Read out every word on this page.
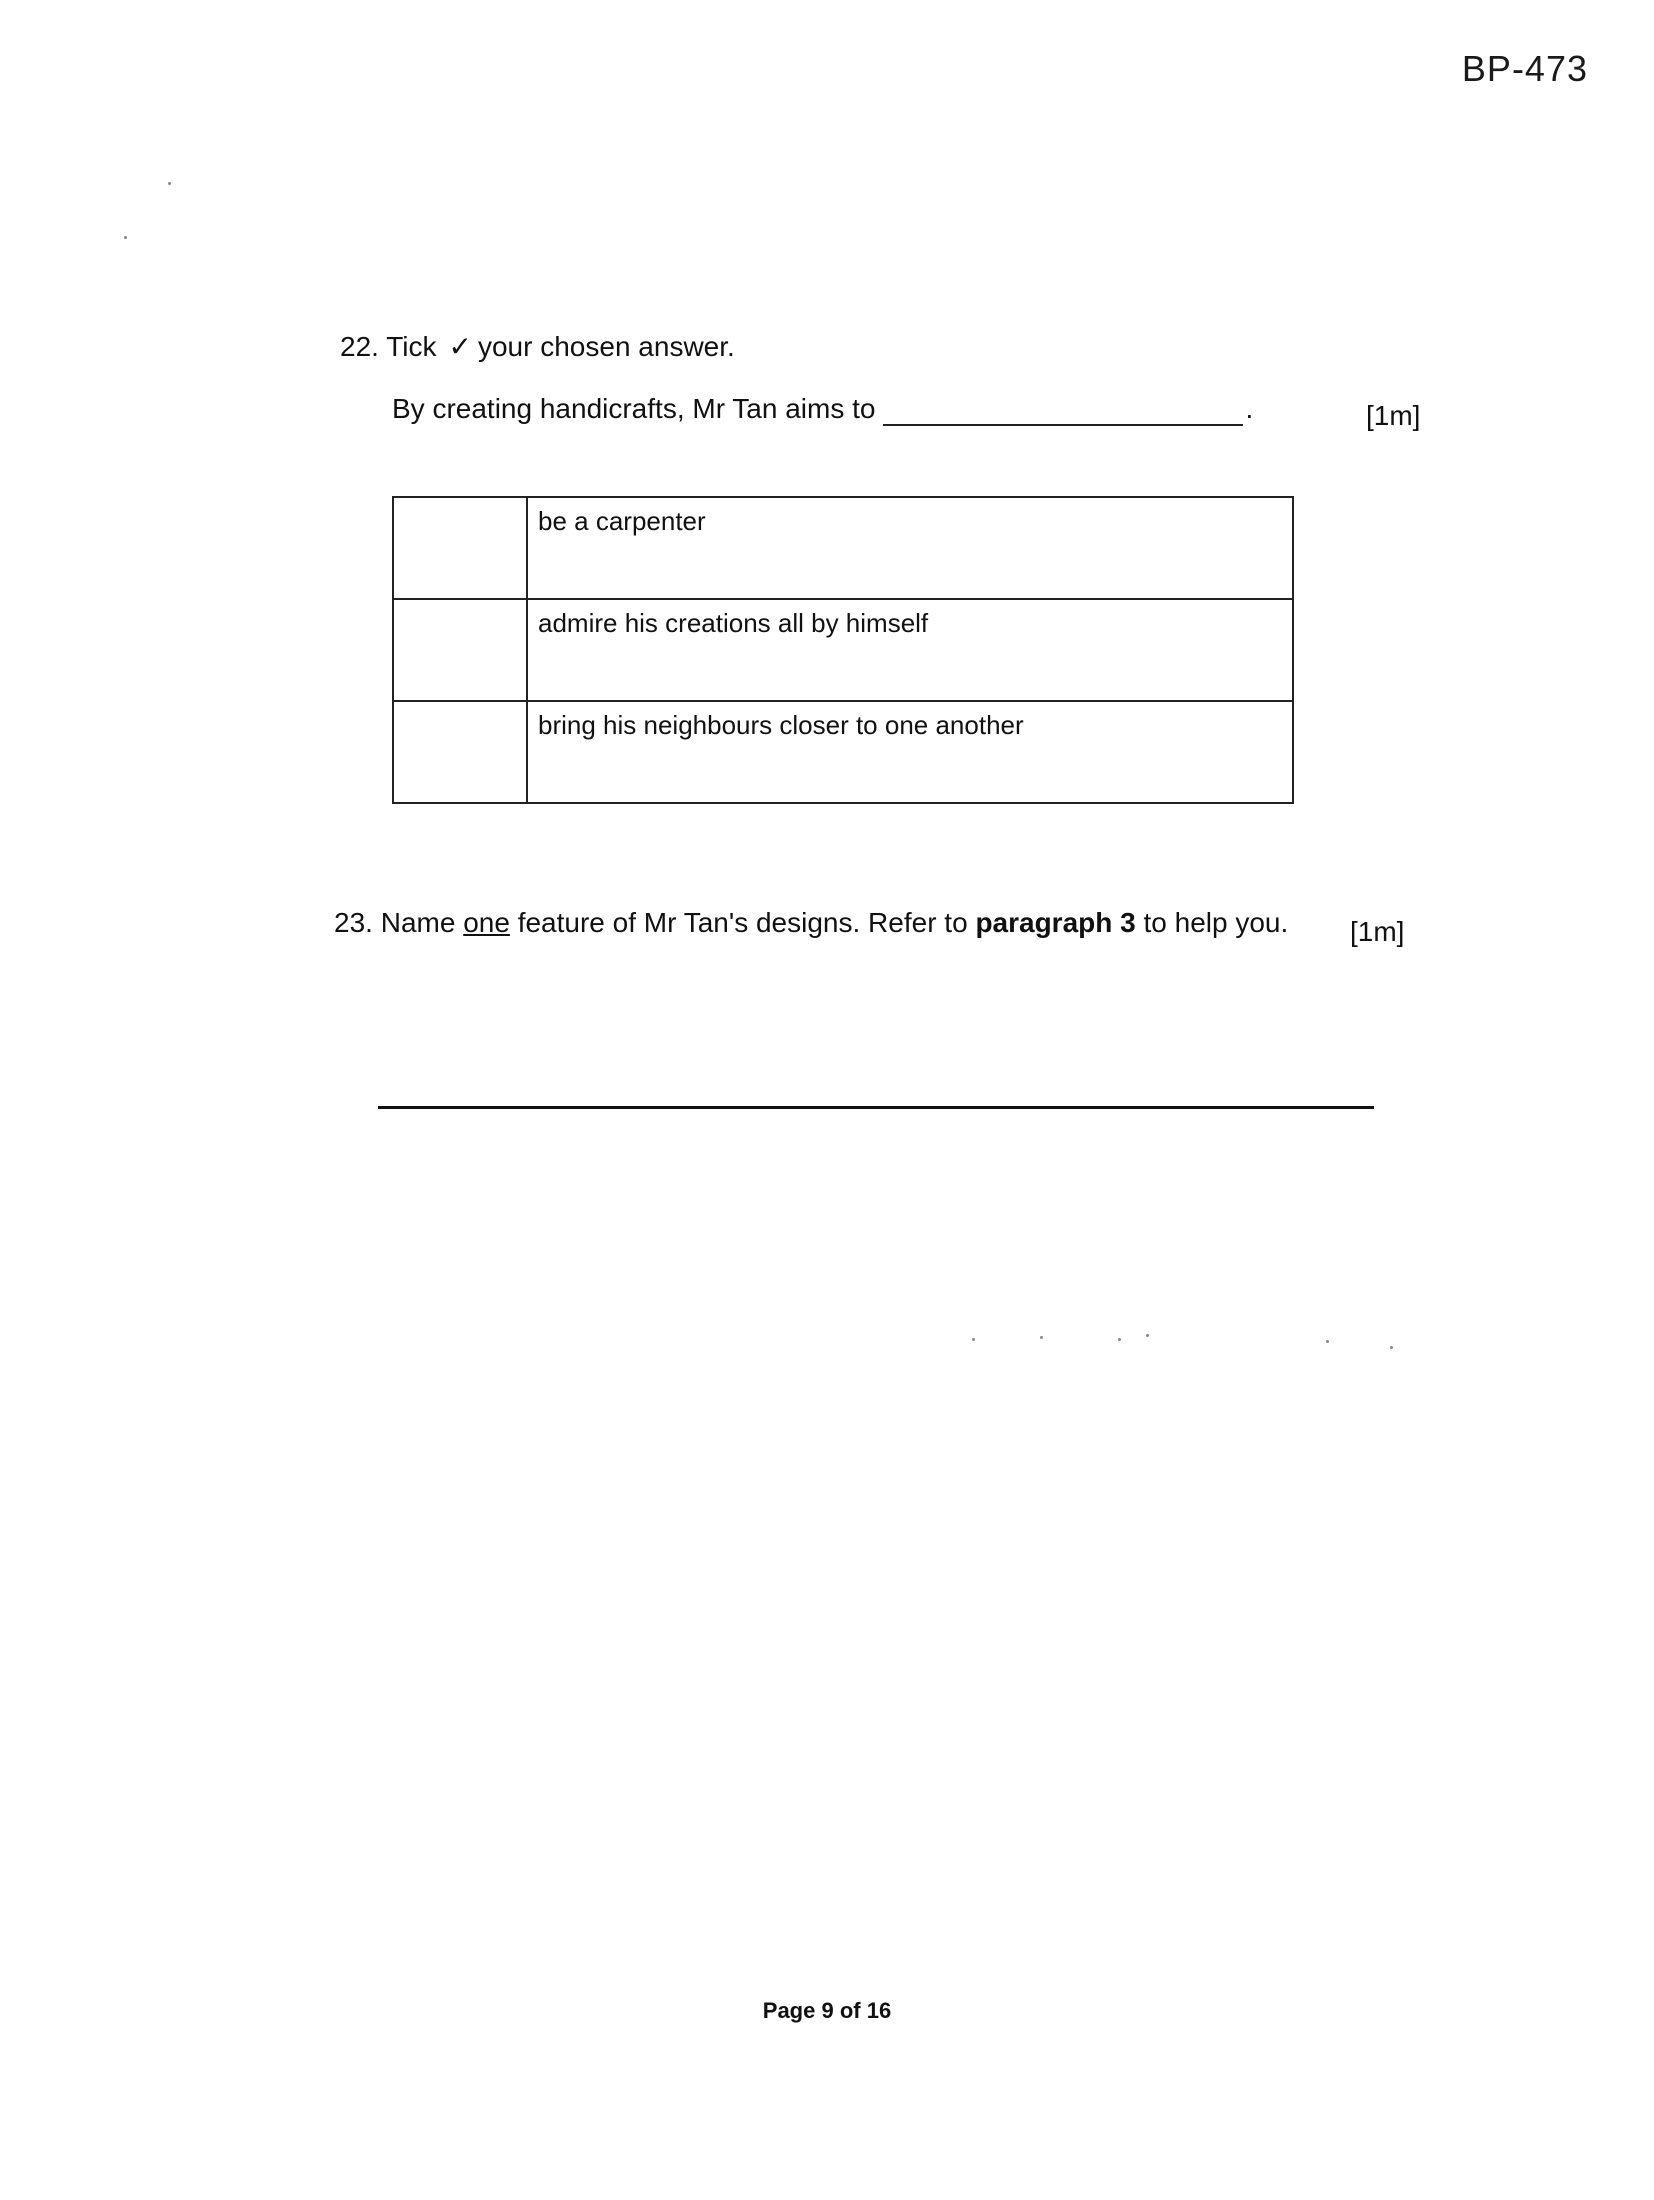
BP-473
22. Tick ✓ your chosen answer.
By creating handicrafts, Mr Tan aims to	.	[1m]
	be a carpenter
	admire his creations all by himself
	bring his neighbours closer to one another
23. Name one feature of Mr Tan's designs. Refer to paragraph 3 to help you. [1m]
Page 9 of 16
